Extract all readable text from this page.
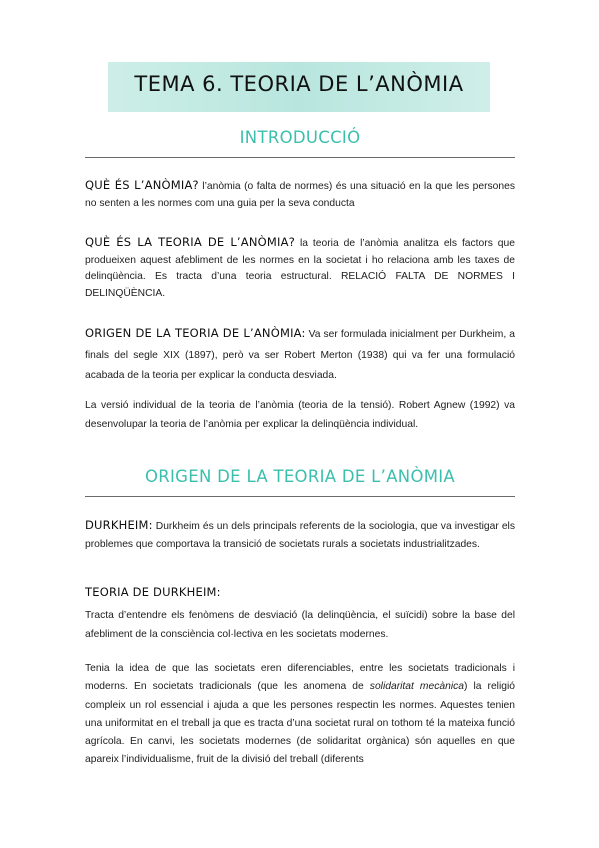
TEMA 6. TEORIA DE L’ANÒMIA
INTRODUCCIÓ
QUÈ ÉS L’ANÒMIA? l’anòmia (o falta de normes) és una situació en la que les persones no senten a les normes com una guia per la seva conducta
QUÈ ÉS LA TEORIA DE L’ANÒMIA? la teoria de l’anòmia analitza els factors que produeixen aquest afebliment de les normes en la societat i ho relaciona amb les taxes de delinqüència. Es tracta d’una teoria estructural. RELACIÓ FALTA DE NORMES I DELINQÜÈNCIA.
ORIGEN DE LA TEORIA DE L’ANÒMIA: Va ser formulada inicialment per Durkheim, a finals del segle XIX (1897), però va ser Robert Merton (1938) qui va fer una formulació acabada de la teoria per explicar la conducta desviada.
La versió individual de la teoria de l’anòmia (teoria de la tensió). Robert Agnew (1992) va desenvolupar la teoria de l’anòmia per explicar la delinqüència individual.
ORIGEN DE LA TEORIA DE L’ANÒMIA
DURKHEIM: Durkheim és un dels principals referents de la sociologia, que va investigar els problemes que comportava la transició de societats rurals a societats industrialitzades.
TEORIA DE DURKHEIM:
Tracta d’entendre els fenòmens de desviació (la delinqüència, el suïcidi) sobre la base del afebliment de la consciència col·lectiva en les societats modernes.
Tenia la idea de que las societats eren diferenciables, entre les societats tradicionals i moderns. En societats tradicionals (que les anomena de solidaritat mecànica) la religió compleix un rol essencial i ajuda a que les persones respectin les normes. Aquestes tenien una uniformitat en el treball ja que es tracta d’una societat rural on tothom té la mateixa funció agrícola. En canvi, les societats modernes (de solidaritat orgànica) són aquelles en que apareix l’individualisme, fruit de la divisió del treball (diferents
